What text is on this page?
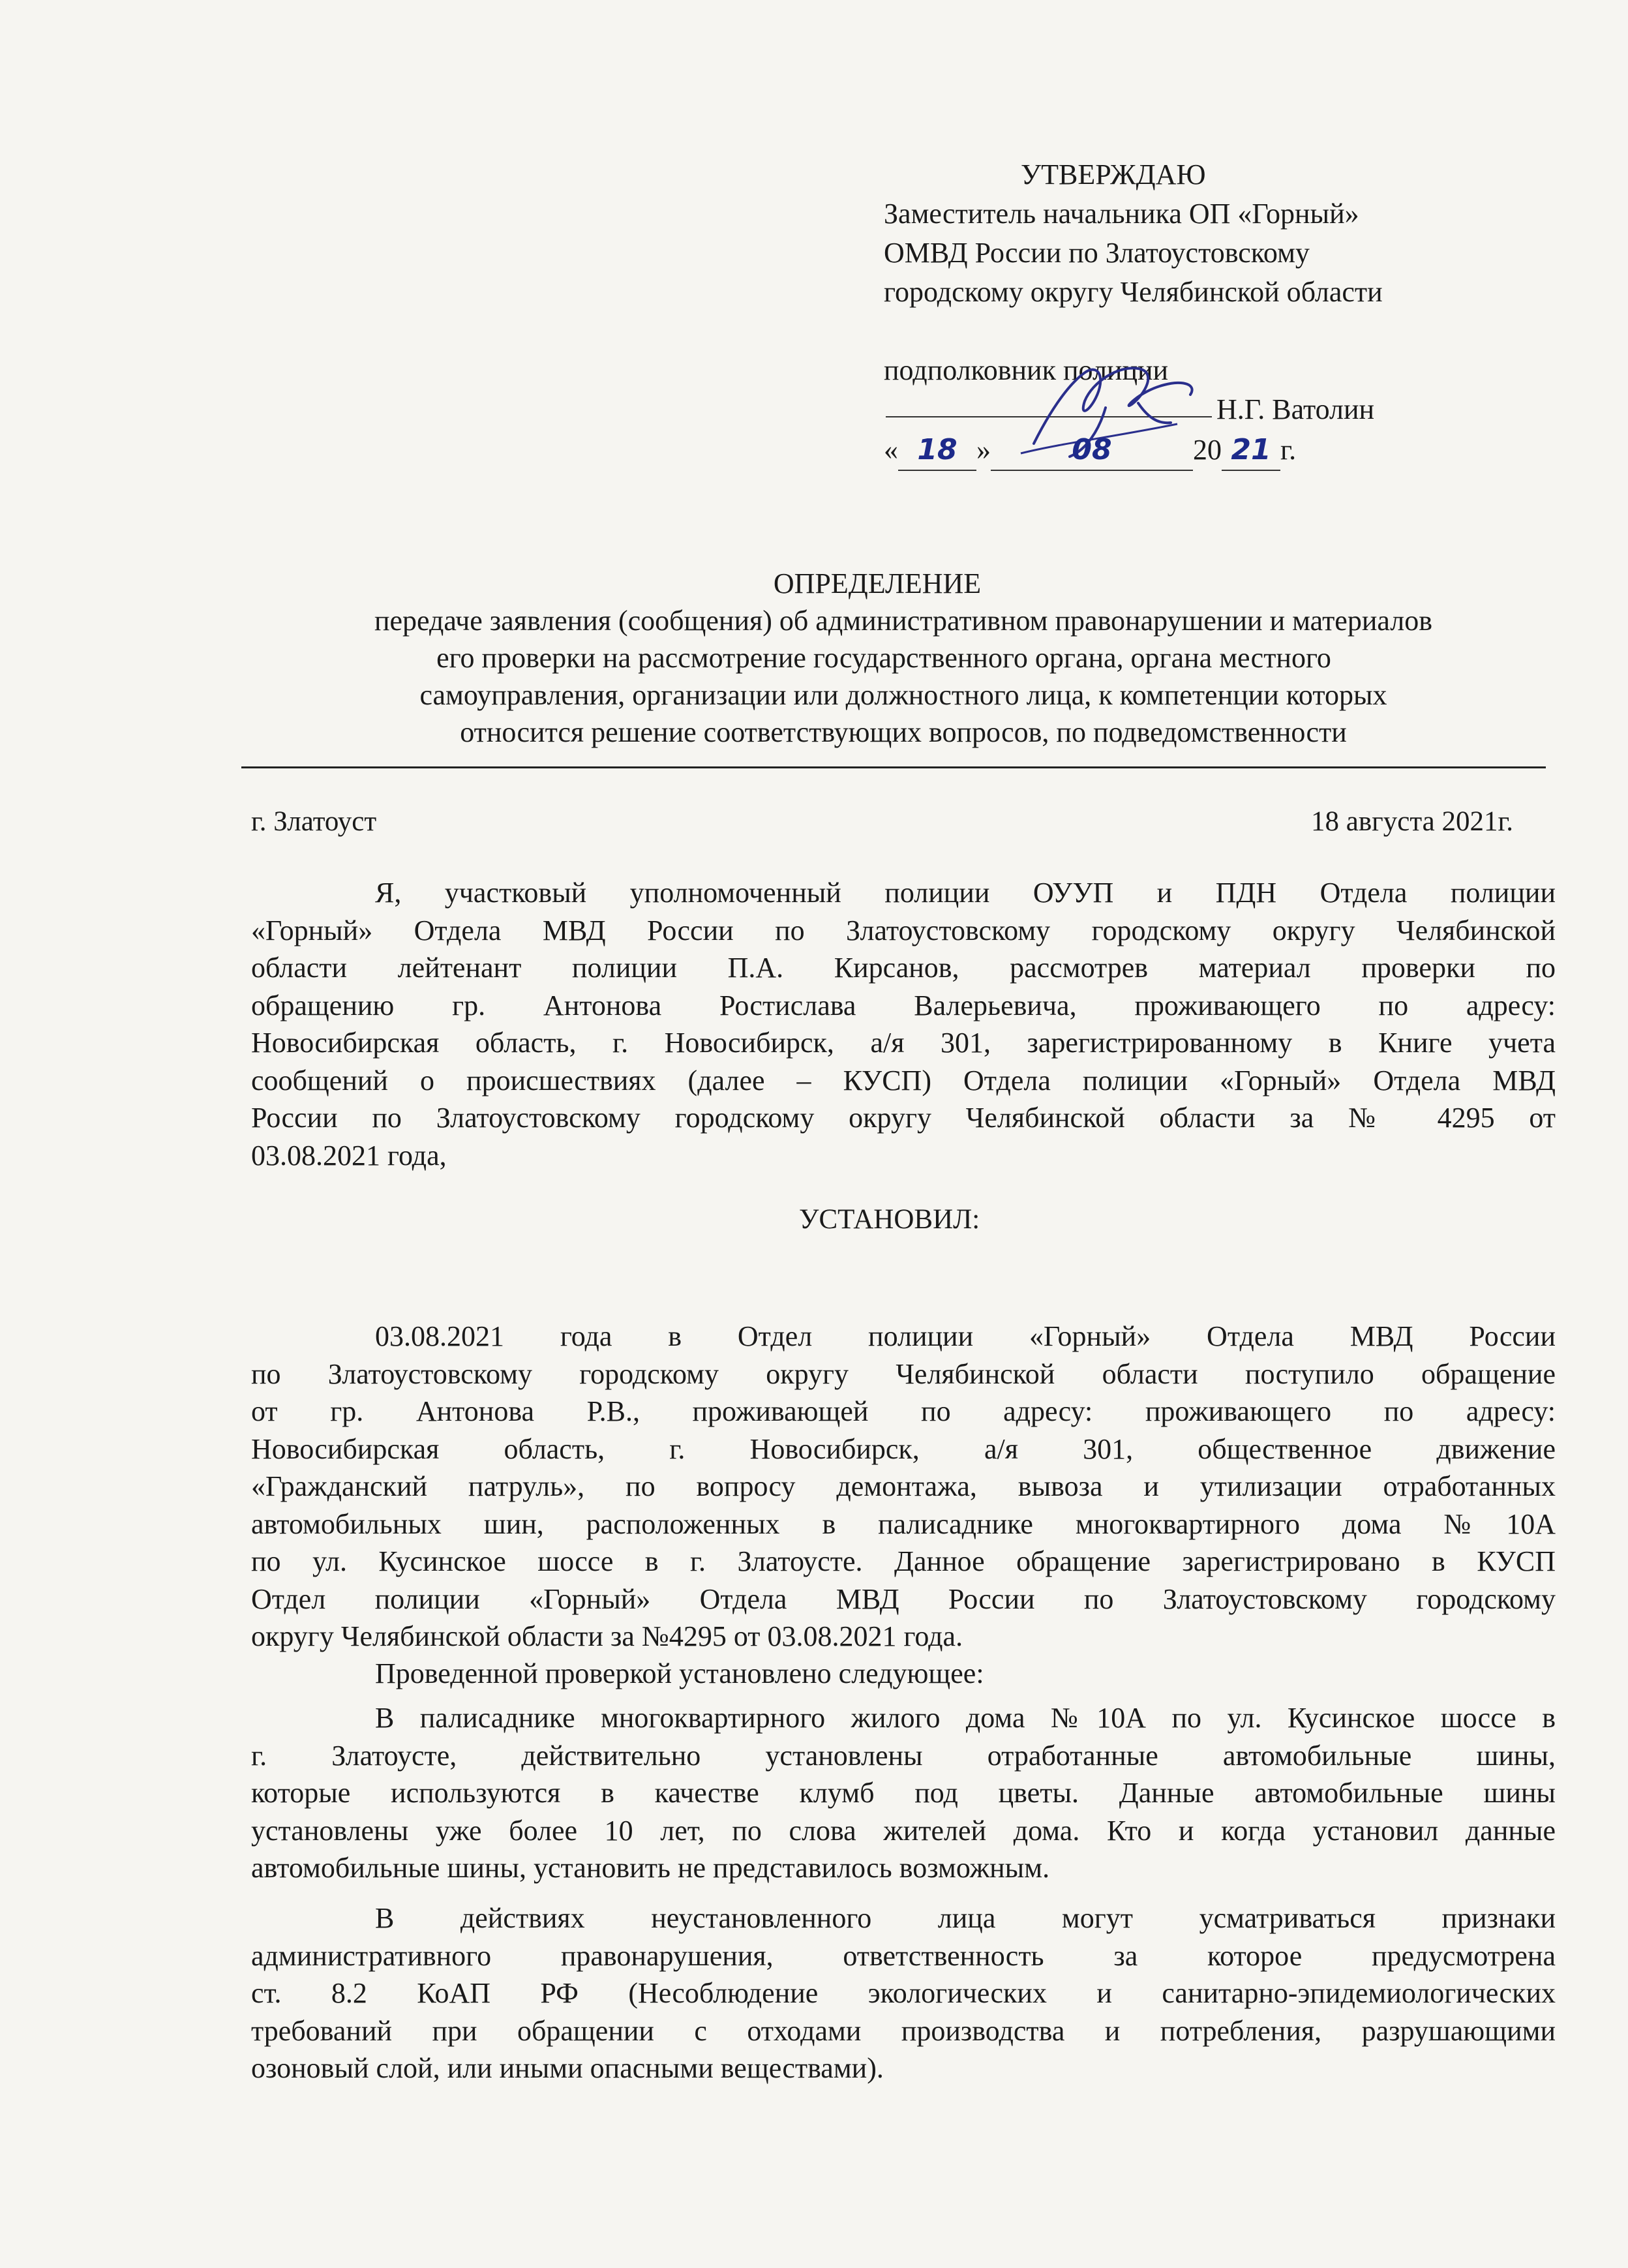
УТВЕРЖДАЮ
Заместитель начальника ОП «Горный»
ОМВД России по Златоустовскому
городскому округу Челябинской области
подполковник полиции
Н.Г. Ватолин
« 18 »	08	20 21 г.
ОПРЕДЕЛЕНИЕ
передаче заявления (сообщения) об административном правонарушении и материалов
его проверки на рассмотрение государственного органа, органа местного
самоуправления, организации или должностного лица, к компетенции которых
относится решение соответствующих вопросов, по подведомственности
г. Златоуст	18 августа 2021г.
Я, участковый уполномоченный полиции ОУУП и ПДН Отдела полиции
«Горный» Отдела МВД России по Златоустовскому городскому округу Челябинской
области лейтенант полиции П.А. Кирсанов, рассмотрев материал проверки по
обращению гр. Антонова Ростислава Валерьевича, проживающего по адресу:
Новосибирская область, г. Новосибирск, а/я 301, зарегистрированному в Книге учета
сообщений о происшествиях (далее – КУСП) Отдела полиции «Горный» Отдела МВД
России по Златоустовскому городскому округу Челябинской области за № 4295 от
03.08.2021 года,
УСТАНОВИЛ:
03.08.2021 года в Отдел полиции «Горный» Отдела МВД России
по Златоустовскому городскому округу Челябинской области поступило обращение
от гр. Антонова Р.В., проживающей по адресу: проживающего по адресу:
Новосибирская область, г. Новосибирск, а/я 301, общественное движение
«Гражданский патруль», по вопросу демонтажа, вывоза и утилизации отработанных
автомобильных шин, расположенных в палисаднике многоквартирного дома №10А
по ул. Кусинское шоссе в г. Златоусте. Данное обращение зарегистрировано в КУСП
Отдел полиции «Горный» Отдела МВД России по Златоустовскому городскому
округу Челябинской области за №4295 от 03.08.2021 года.
Проведенной проверкой установлено следующее:
В палисаднике многоквартирного жилого дома №10А по ул. Кусинское шоссе в
г. Златоусте, действительно установлены отработанные автомобильные шины,
которые используются в качестве клумб под цветы. Данные автомобильные шины
установлены уже более 10 лет, по слова жителей дома. Кто и когда установил данные
автомобильные шины, установить не представилось возможным.
В действиях неустановленного лица могут усматриваться признаки
административного правонарушения, ответственность за которое предусмотрена
ст. 8.2 КоАП РФ (Несоблюдение экологических и санитарно-эпидемиологических
требований при обращении с отходами производства и потребления, разрушающими
озоновый слой, или иными опасными веществами).
